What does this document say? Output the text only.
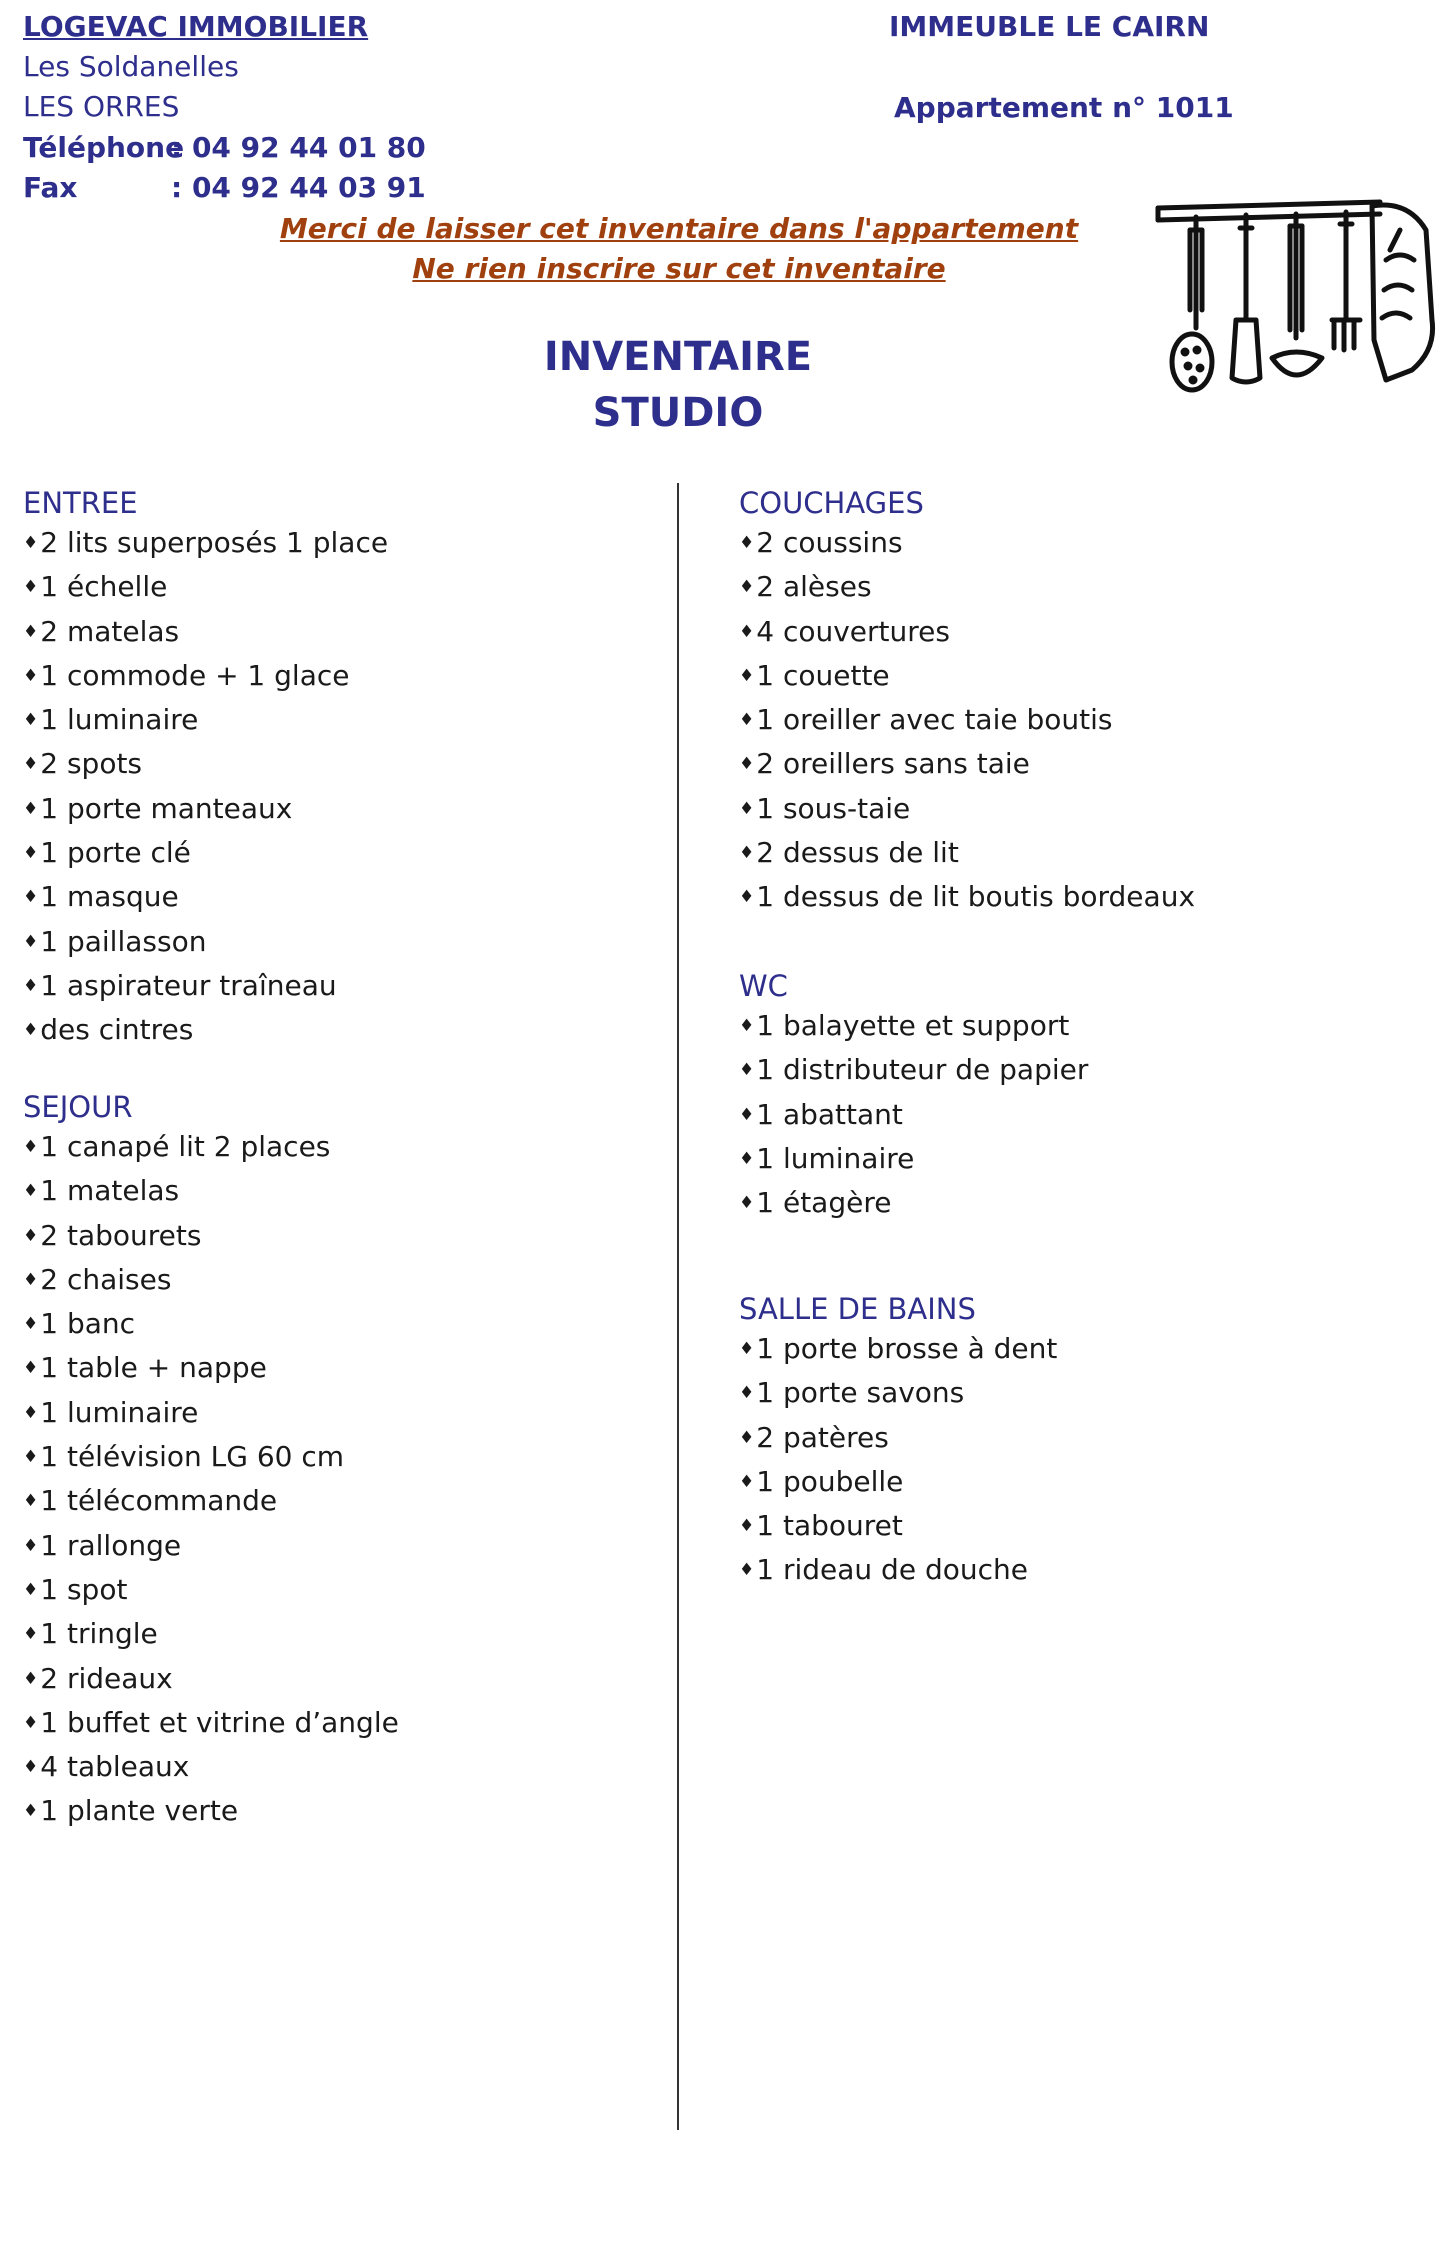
LOGEVAC IMMOBILIER
Les Soldanelles
LES ORRES
Téléphone: 04 92 44 01 80
Fax	: 04 92 44 03 91
IMMEUBLE LE CAIRN
Appartement n° 1011
Merci de laisser cet inventaire dans l'appartement
Ne rien inscrire sur cet inventaire
INVENTAIRE
STUDIO
ENTREE
♦ 2 lits superposés 1 place
♦ 1 échelle
♦ 2 matelas
♦ 1 commode + 1 glace
♦ 1 luminaire
♦ 2 spots
♦ 1 porte manteaux
♦ 1 porte clé
♦ 1 masque
♦ 1 paillasson
♦ 1 aspirateur traîneau
♦ des cintres
SEJOUR
♦ 1 canapé lit 2 places
♦ 1 matelas
♦ 2 tabourets
♦ 2 chaises
♦ 1 banc
♦ 1 table + nappe
♦ 1 luminaire
♦ 1 télévision LG 60 cm
♦ 1 télécommande
♦ 1 rallonge
♦ 1 spot
♦ 1 tringle
♦ 2 rideaux
♦ 1 buffet et vitrine d’angle
♦ 4 tableaux
♦ 1 plante verte
COUCHAGES
♦ 2 coussins
♦ 2 alèses
♦ 4 couvertures
♦ 1 couette
♦ 1 oreiller avec taie boutis
♦ 2 oreillers sans taie
♦ 1 sous-taie
♦ 2 dessus de lit
♦ 1 dessus de lit boutis bordeaux
WC
♦ 1 balayette et support
♦ 1 distributeur de papier
♦ 1 abattant
♦ 1 luminaire
♦ 1 étagère
SALLE DE BAINS
♦ 1 porte brosse à dent
♦ 1 porte savons
♦ 2 patères
♦ 1 poubelle
♦ 1 tabouret
♦ 1 rideau de douche
